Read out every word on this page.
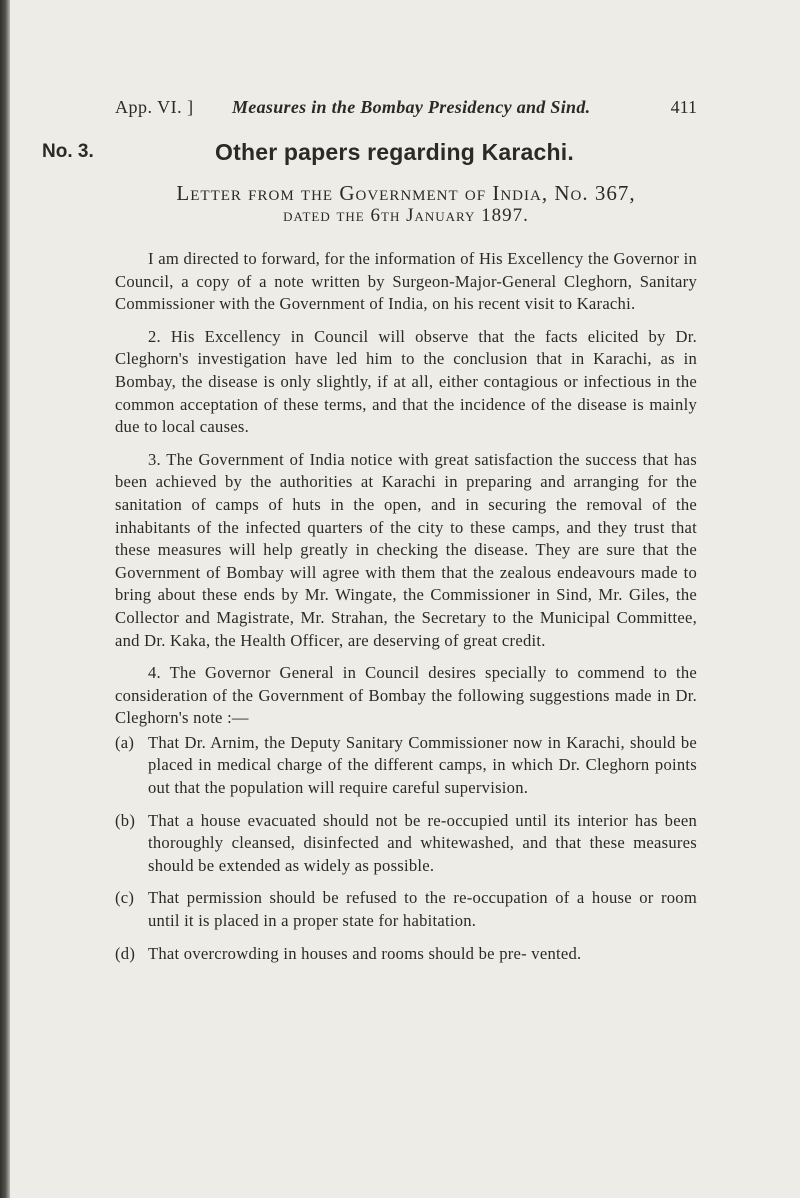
App. VI. ] Measures in the Bombay Presidency and Sind.	411
No. 3.	Other papers regarding Karachi.
Letter from the Government of India, No. 367,
dated the 6th January 1897.

I am directed to forward, for the information of His Excellency the Governor in Council, a copy of a note written by Surgeon-Major-General Cleghorn, Sanitary Commissioner with the Government of India, on his recent visit to Karachi.

2. His Excellency in Council will observe that the facts elicited by Dr. Cleghorn's investigation have led him to the conclusion that in Karachi, as in Bombay, the disease is only slightly, if at all, either contagious or infectious in the common acceptation of these terms, and that the incidence of the disease is mainly due to local causes.

3. The Government of India notice with great satisfaction the success that has been achieved by the authorities at Karachi in preparing and arranging for the sanitation of camps of huts in the open, and in securing the removal of the inhabitants of the infected quarters of the city to these camps, and they trust that these measures will help greatly in checking the disease. They are sure that the Government of Bombay will agree with them that the zealous endeavours made to bring about these ends by Mr. Wingate, the Commissioner in Sind, Mr. Giles, the Collector and Magistrate, Mr. Strahan, the Secretary to the Municipal Committee, and Dr. Kaka, the Health Officer, are deserving of great credit.

4. The Governor General in Council desires specially to commend to the consideration of the Government of Bombay the following suggestions made in Dr. Cleghorn's note :—

(a) That Dr. Arnim, the Deputy Sanitary Commissioner now in Karachi, should be placed in medical charge of the different camps, in which Dr. Cleghorn points out that the population will require careful supervision.
(b) That a house evacuated should not be re-occupied until its interior has been thoroughly cleansed, disinfected and whitewashed, and that these measures should be extended as widely as possible.
(c) That permission should be refused to the re-occupation of a house or room until it is placed in a proper state for habitation.
(d) That overcrowding in houses and rooms should be pre- vented.
